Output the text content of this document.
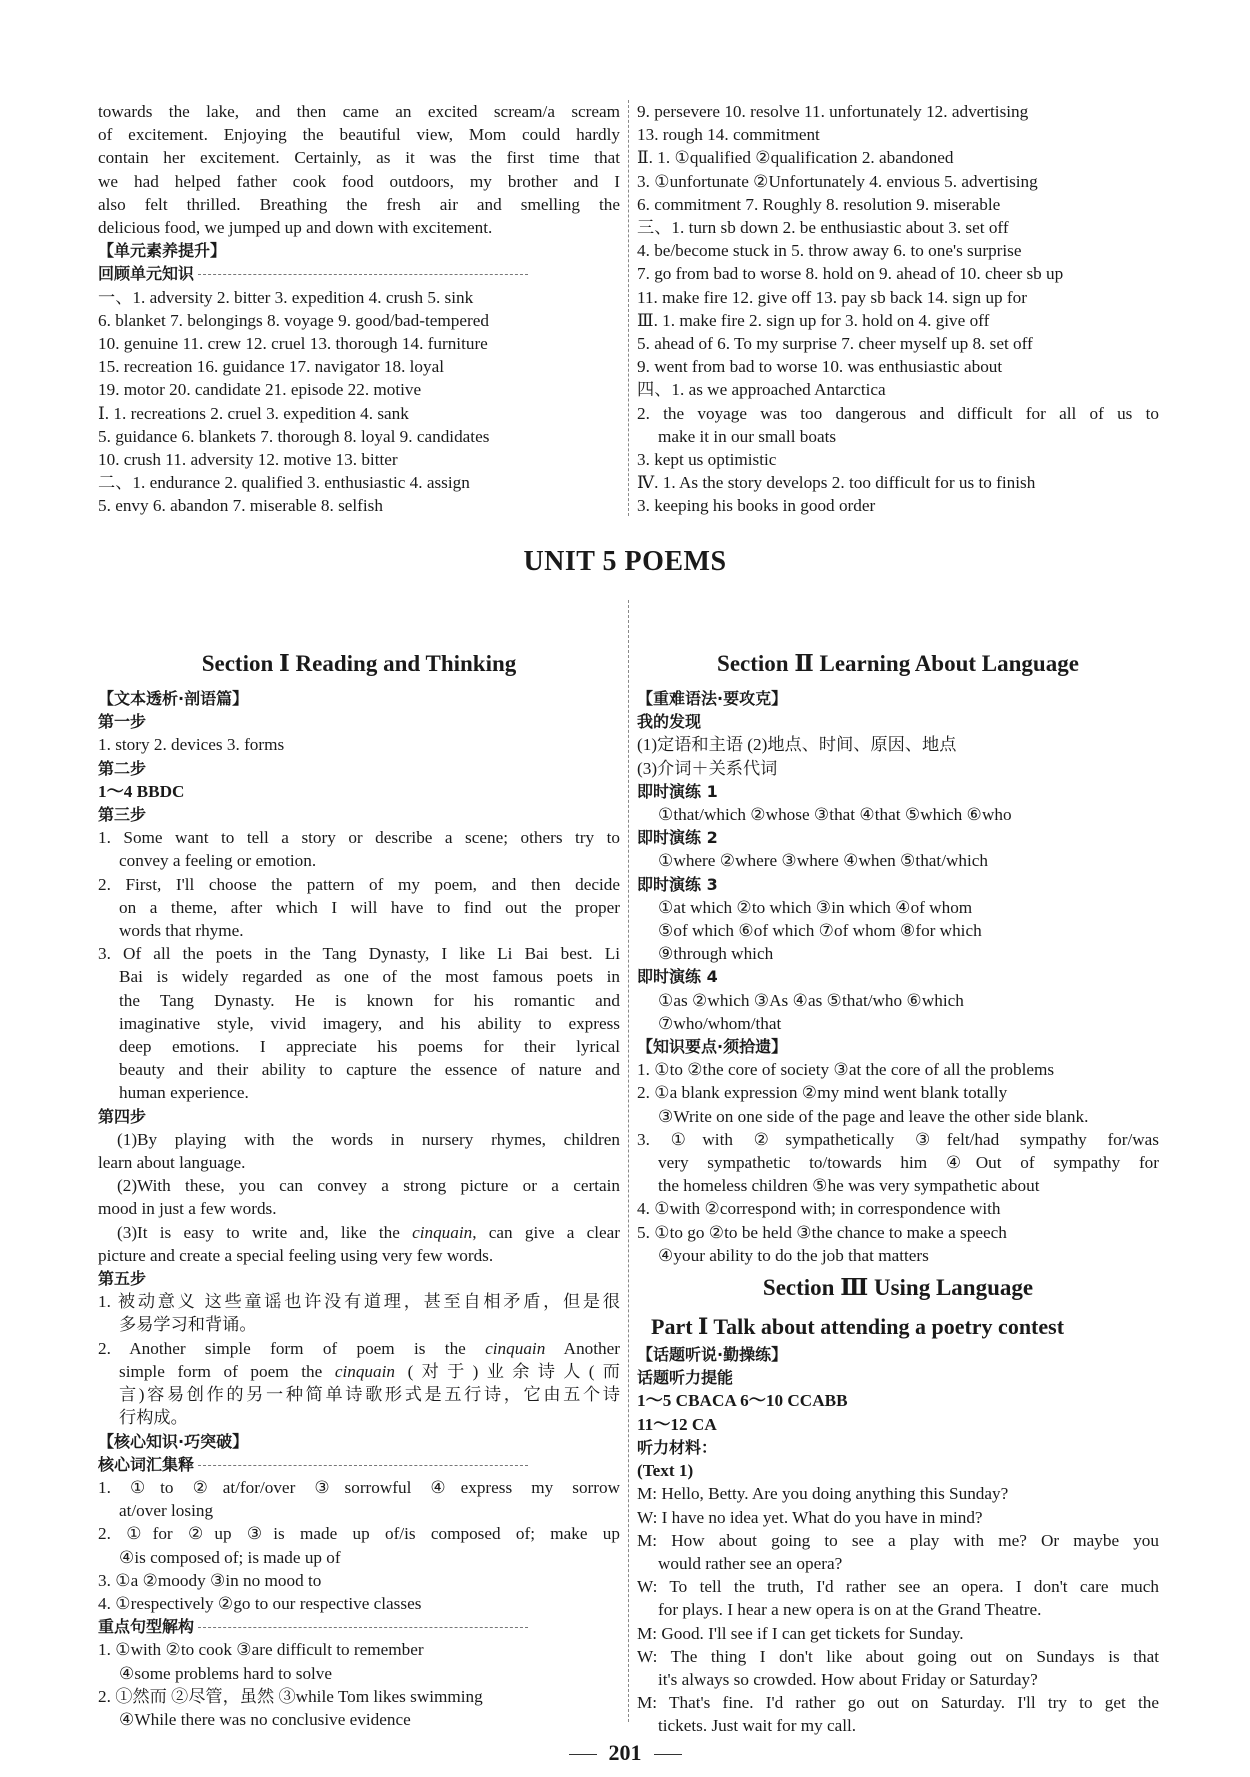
towards the lake, and then came an excited scream/a scream

of excitement. Enjoying the beautiful view, Mom could hardly

contain her excitement. Certainly, as it was the first time that

we had helped father cook food outdoors, my brother and I

also felt thrilled. Breathing the fresh air and smelling the

delicious food, we jumped up and down with excitement.

【单元素养提升】

回顾单元知识

一、1. adversity 2. bitter 3. expedition 4. crush 5. sink

6. blanket 7. belongings 8. voyage 9. good/bad-tempered

10. genuine 11. crew 12. cruel 13. thorough 14. furniture

15. recreation 16. guidance 17. navigator 18. loyal

19. motor 20. candidate 21. episode 22. motive

Ⅰ. 1. recreations 2. cruel 3. expedition 4. sank

5. guidance 6. blankets 7. thorough 8. loyal 9. candidates

10. crush 11. adversity 12. motive 13. bitter

二、1. endurance 2. qualified 3. enthusiastic 4. assign

5. envy 6. abandon 7. miserable 8. selfish

9. persevere 10. resolve 11. unfortunately 12. advertising

13. rough 14. commitment

Ⅱ. 1. ①qualified ②qualification 2. abandoned

3. ①unfortunate ②Unfortunately 4. envious 5. advertising

6. commitment 7. Roughly 8. resolution 9. miserable

三、1. turn sb down 2. be enthusiastic about 3. set off

4. be/become stuck in 5. throw away 6. to one's surprise

7. go from bad to worse 8. hold on 9. ahead of 10. cheer sb up

11. make fire 12. give off 13. pay sb back 14. sign up for

Ⅲ. 1. make fire 2. sign up for 3. hold on 4. give off

5. ahead of 6. To my surprise 7. cheer myself up 8. set off

9. went from bad to worse 10. was enthusiastic about

四、1. as we approached Antarctica

2. the voyage was too dangerous and difficult for all of us to

make it in our small boats

3. kept us optimistic

Ⅳ. 1. As the story develops 2. too difficult for us to finish

3. keeping his books in good order

UNIT 5 POEMS

Section Ⅰ Reading and Thinking

【文本透析·剖语篇】

第一步

1. story 2. devices 3. forms

第二步

1～4 BBDC

第三步

1. Some want to tell a story or describe a scene; others try to

convey a feeling or emotion.

2. First, I'll choose the pattern of my poem, and then decide

on a theme, after which I will have to find out the proper

words that rhyme.

3. Of all the poets in the Tang Dynasty, I like Li Bai best. Li

Bai is widely regarded as one of the most famous poets in

the Tang Dynasty. He is known for his romantic and

imaginative style, vivid imagery, and his ability to express

deep emotions. I appreciate his poems for their lyrical

beauty and their ability to capture the essence of nature and

human experience.

第四步

(1)By playing with the words in nursery rhymes, children

learn about language.

(2)With these, you can convey a strong picture or a certain

mood in just a few words.

(3)It is easy to write and, like the cinquain, can give a clear

picture and create a special feeling using very few words.

第五步

1. 被动意义 这些童谣也许没有道理，甚至自相矛盾，但是很

多易学习和背诵。

2. Another simple form of poem is the cinquain Another

simple form of poem the cinquain (对于)业余诗人(而

言)容易创作的另一种简单诗歌形式是五行诗，它由五个诗

行构成。

【核心知识·巧突破】

核心词汇集释

1. ①to ②at/for/over ③sorrowful ④express my sorrow

at/over losing

2. ①for ②up ③is made up of/is composed of; make up

④is composed of; is made up of

3. ①a ②moody ③in no mood to

4. ①respectively ②go to our respective classes

重点句型解构

1. ①with ②to cook ③are difficult to remember

④some problems hard to solve

2. ①然而 ②尽管，虽然 ③while Tom likes swimming

④While there was no conclusive evidence

Section Ⅱ Learning About Language

【重难语法·要攻克】

我的发现

(1)定语和主语 (2)地点、时间、原因、地点

(3)介词＋关系代词

即时演练 1

①that/which ②whose ③that ④that ⑤which ⑥who

即时演练 2

①where ②where ③where ④when ⑤that/which

即时演练 3

①at which ②to which ③in which ④of whom

⑤of which ⑥of which ⑦of whom ⑧for which

⑨through which

即时演练 4

①as ②which ③As ④as ⑤that/who ⑥which

⑦who/whom/that

【知识要点·须拾遗】

1. ①to ②the core of society ③at the core of all the problems

2. ①a blank expression ②my mind went blank totally

③Write on one side of the page and leave the other side blank.

3. ①with ②sympathetically ③felt/had sympathy for/was

very sympathetic to/towards him ④Out of sympathy for

the homeless children ⑤he was very sympathetic about

4. ①with ②correspond with; in correspondence with

5. ①to go ②to be held ③the chance to make a speech

④your ability to do the job that matters

Section Ⅲ Using Language

Part Ⅰ Talk about attending a poetry contest

【话题听说·勤操练】

话题听力提能

1～5 CBACA 6～10 CCABB

11～12 CA

听力材料：

(Text 1)

M: Hello, Betty. Are you doing anything this Sunday?

W: I have no idea yet. What do you have in mind?

M: How about going to see a play with me? Or maybe you

would rather see an opera?

W: To tell the truth, I'd rather see an opera. I don't care much

for plays. I hear a new opera is on at the Grand Theatre.

M: Good. I'll see if I can get tickets for Sunday.

W: The thing I don't like about going out on Sundays is that

it's always so crowded. How about Friday or Saturday?

M: That's fine. I'd rather go out on Saturday. I'll try to get the

tickets. Just wait for my call.

201
